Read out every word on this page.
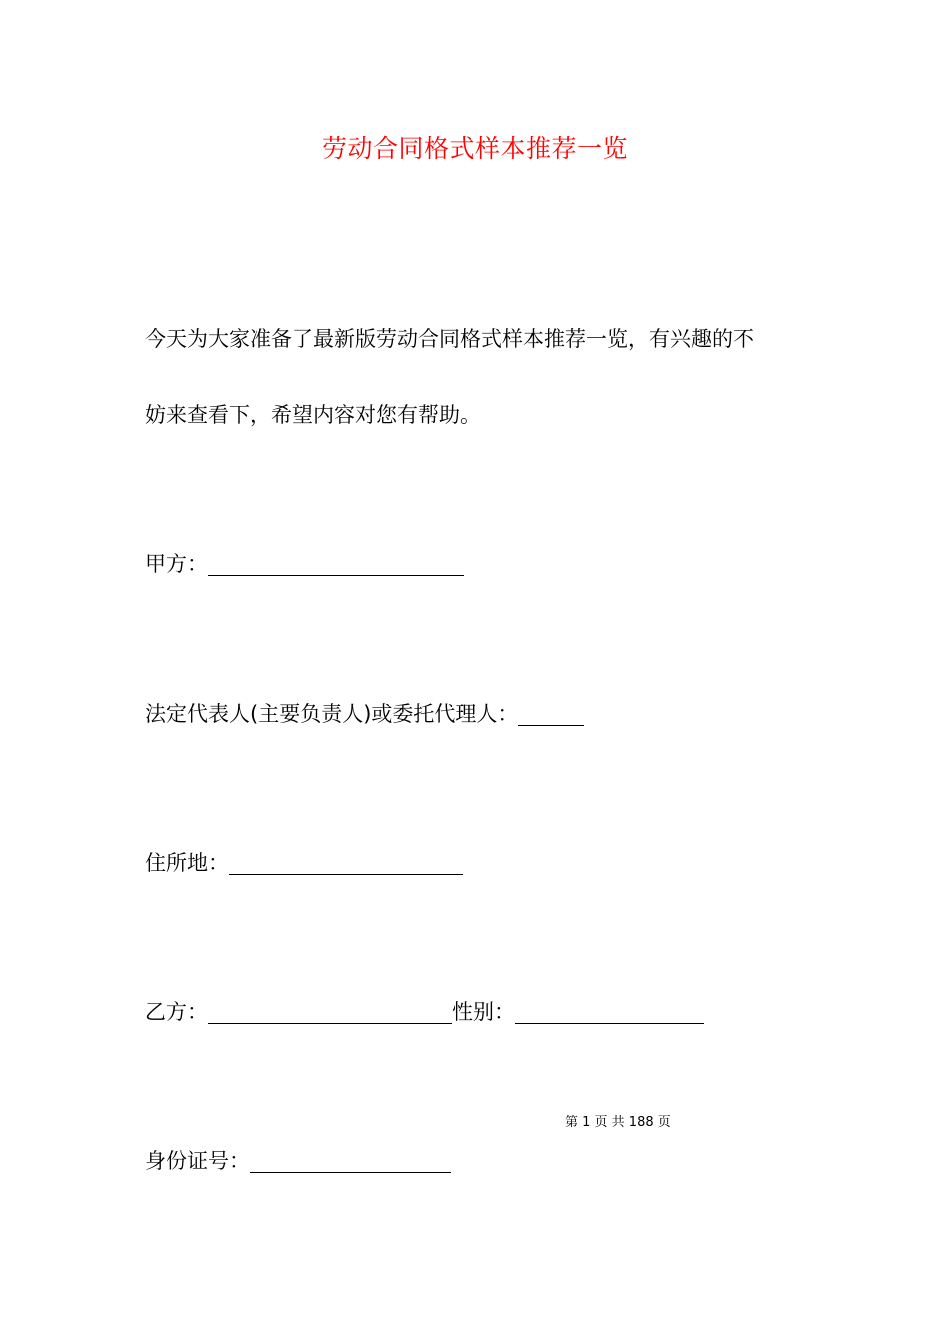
劳动合同格式样本推荐一览
今天为大家准备了最新版劳动合同格式样本推荐一览，有兴趣的不
妨来查看下，希望内容对您有帮助。
甲方：
法定代表人(主要负责人)或委托代理人：
住所地：
乙方：	性别：
第 1 页 共 188 页
身份证号：
